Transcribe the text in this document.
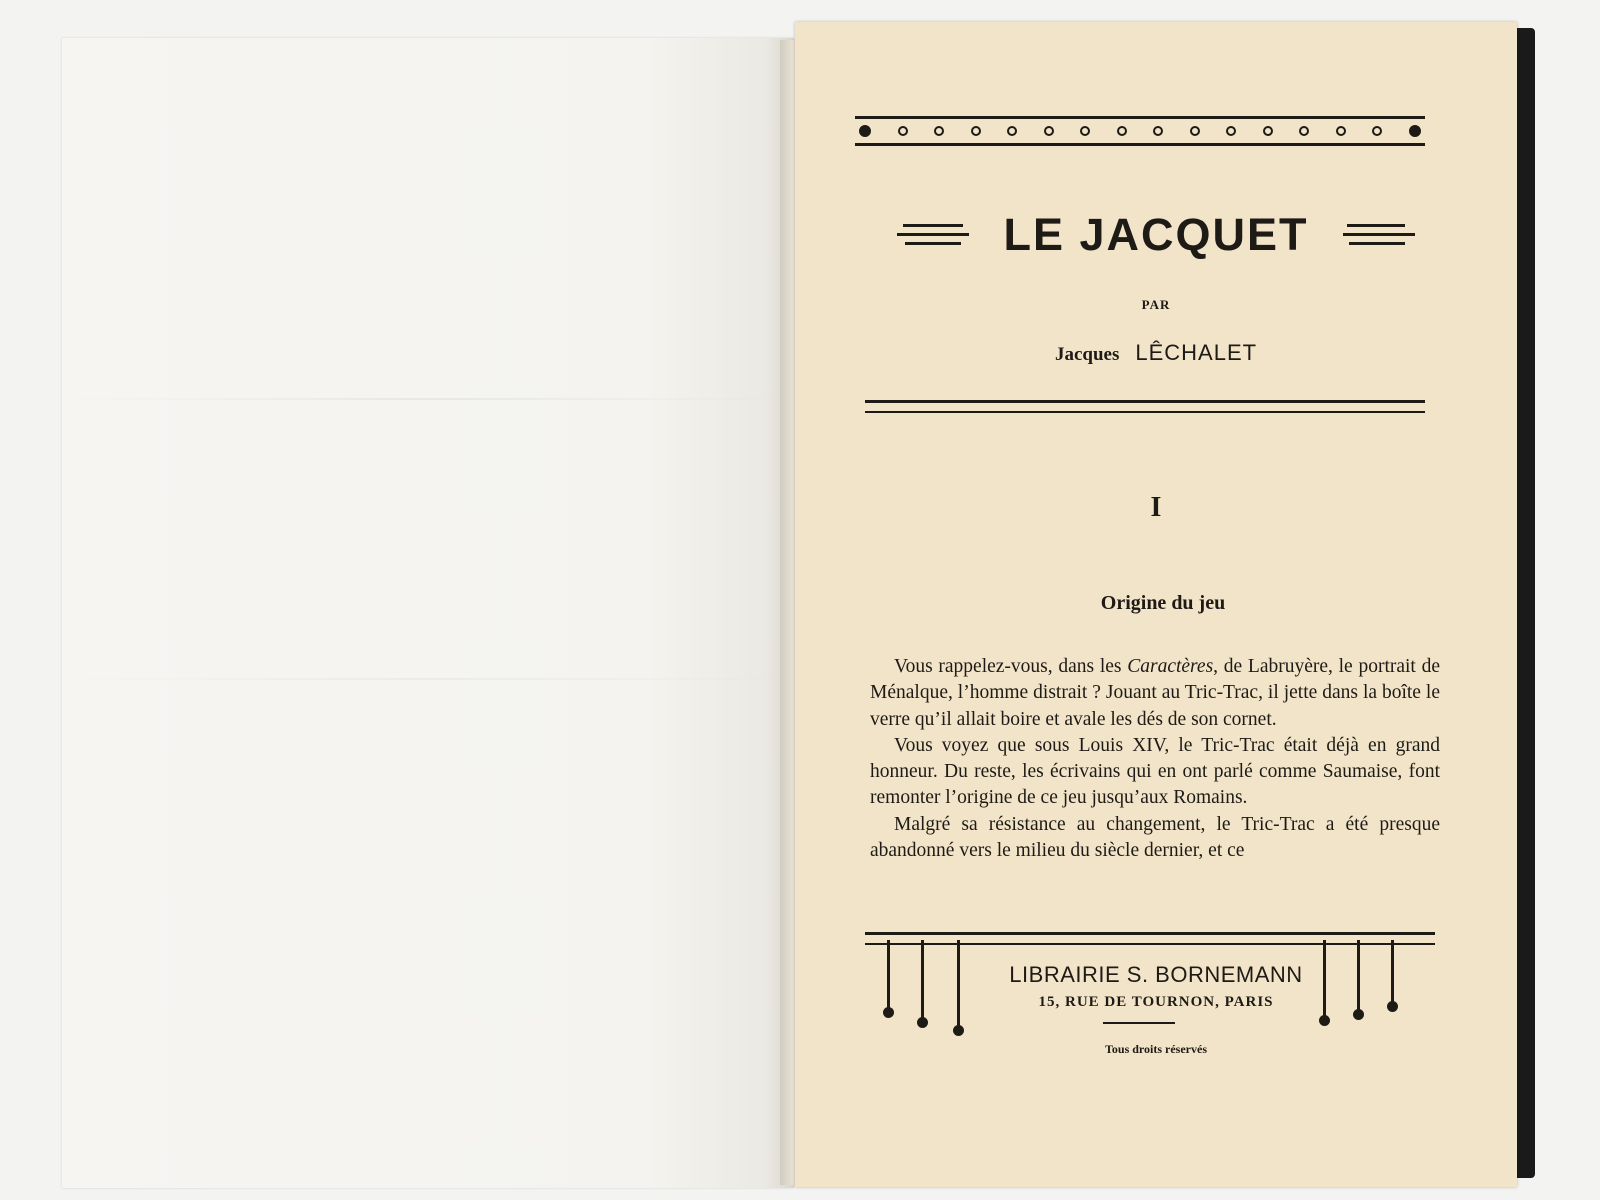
LE JACQUET
PAR
Jacques LÊCHALET
I
Origine du jeu

Vous rappelez-vous, dans les Caractères, de Labruyère, le portrait de Ménalque, l’homme distrait ? Jouant au Tric-Trac, il jette dans la boîte le verre qu’il allait boire et avale les dés de son cornet.

Vous voyez que sous Louis XIV, le Tric-Trac était déjà en grand honneur. Du reste, les écrivains qui en ont parlé comme Saumaise, font remonter l’origine de ce jeu jusqu’aux Romains.

Malgré sa résistance au changement, le Tric-Trac a été presque abandonné vers le milieu du siècle dernier, et ce

LIBRAIRIE S. BORNEMANN
15, RUE DE TOURNON, PARIS
Tous droits réservés
